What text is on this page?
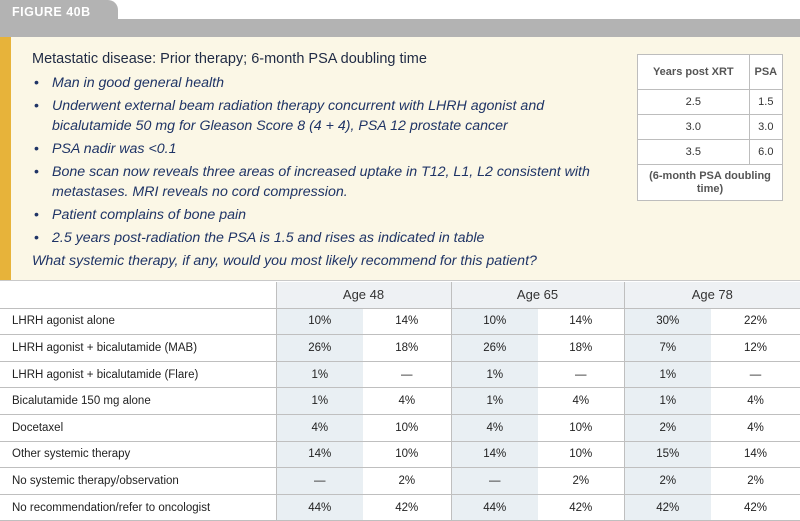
FIGURE 40B
Metastatic disease: Prior therapy; 6-month PSA doubling time
• Man in good general health
• Underwent external beam radiation therapy concurrent with LHRH agonist and bicalutamide 50 mg for Gleason Score 8 (4 + 4), PSA 12 prostate cancer
• PSA nadir was <0.1
• Bone scan now reveals three areas of increased uptake in T12, L1, L2 consistent with metastases. MRI reveals no cord compression.
• Patient complains of bone pain
• 2.5 years post-radiation the PSA is 1.5 and rises as indicated in table
What systemic therapy, if any, would you most likely recommend for this patient?
Years post XRT	PSA
2.5	1.5
3.0	3.0
3.5	6.0
(6-month PSA doubling time)	
	Age 48		Age 65		Age 78	
LHRH agonist alone	10%	14%	10%	14%	30%	22%
LHRH agonist + bicalutamide (MAB)	26%	18%	26%	18%	7%	12%
LHRH agonist + bicalutamide (Flare)	1%	—	1%	—	1%	—
Bicalutamide 150 mg alone	1%	4%	1%	4%	1%	4%
Docetaxel	4%	10%	4%	10%	2%	4%
Other systemic therapy	14%	10%	14%	10%	15%	14%
No systemic therapy/observation	—	2%	—	2%	2%	2%
No recommendation/refer to oncologist	44%	42%	44%	42%	42%	42%
